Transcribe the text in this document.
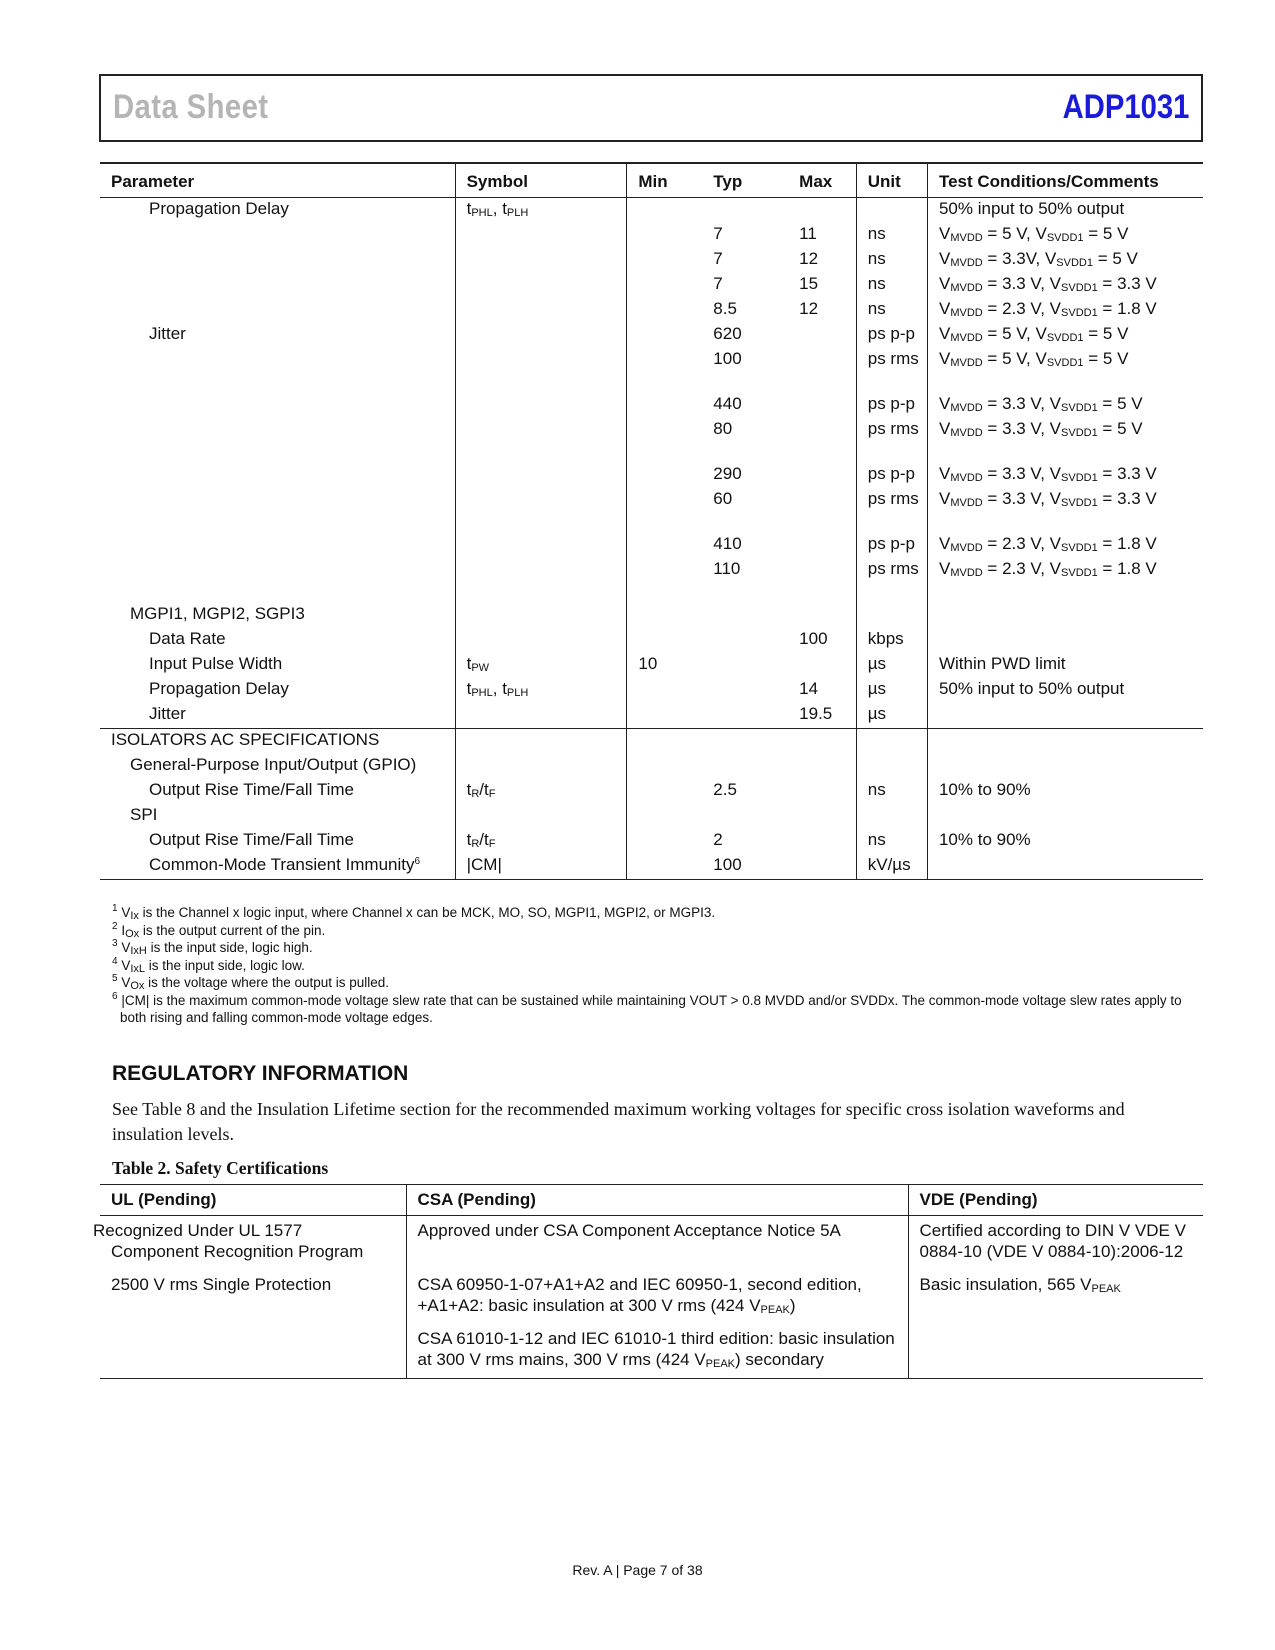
Data Sheet	ADP1031
Parameter	Symbol	Min	Typ	Max	Unit	Test Conditions/Comments
Propagation Delay	$t_{PHL}$, $t_{PLH}$					50% input to 50% output
			7	11	ns	$V_{MVDD} = 5$ V, $V_{SVDD1} = 5$ V
			7	12	ns	$V_{MVDD} = 3.3V$, $V_{SVDD1} = 5$ V
			7	15	ns	$V_{MVDD} = 3.3$ V, $V_{SVDD1} = 3.3$ V
			8.5	12	ns	$V_{MVDD} = 2.3$ V, $V_{SVDD1} = 1.8$ V
Jitter			620		ps p-p	$V_{MVDD} = 5$ V, $V_{SVDD1} = 5$ V
			100		ps rms	$V_{MVDD} = 5$ V, $V_{SVDD1} = 5$ V
			440		ps p-p	$V_{MVDD} = 3.3$ V, $V_{SVDD1} = 5$ V
			80		ps rms	$V_{MVDD} = 3.3$ V, $V_{SVDD1} = 5$ V
			290		ps p-p	$V_{MVDD} = 3.3$ V, $V_{SVDD1} = 3.3$ V
			60		ps rms	$V_{MVDD} = 3.3$ V, $V_{SVDD1} = 3.3$ V
			410		ps p-p	$V_{MVDD} = 2.3$ V, $V_{SVDD1} = 1.8$ V
			110		ps rms	$V_{MVDD} = 2.3$ V, $V_{SVDD1} = 1.8$ V
MGPI1, MGPI2, SGPI3						
Data Rate				100	kbps	
Input Pulse Width	$t_{PW}$	10			µs	Within PWD limit
Propagation Delay	$t_{PHL}$, $t_{PLH}$			14	µs	50% input to 50% output
Jitter				19.5	µs	
ISOLATORS AC SPECIFICATIONS						
General-Purpose Input/Output (GPIO)						
Output Rise Time/Fall Time	$t_R/t_F$		2.5		ns	10% to 90%
SPI						
Output Rise Time/Fall Time	$t_R/t_F$		2		ns	10% to 90%
Common-Mode Transient Immunity$^6$	|CM|		100		kV/µs	

$^1$ $V_{Ix}$ is the Channel x logic input, where Channel x can be MCK, MO, SO, MGPI1, MGPI2, or MGPI3.

$^2$ $I_{Ox}$ is the output current of the pin.

$^3$ $V_{IxH}$ is the input side, logic high.

$^4$ $V_{IxL}$ is the input side, logic low.

$^5$ $V_{Ox}$ is the voltage where the output is pulled.

$^6$ |CM| is the maximum common-mode voltage slew rate that can be sustained while maintaining VOUT > 0.8 MVDD and/or SVDDx. The common-mode voltage slew rates apply to both rising and falling common-mode voltage edges.

REGULATORY INFORMATION
See Table 8 and the Insulation Lifetime section for the recommended maximum working voltages for specific cross isolation waveforms and insulation levels.
Table 2. Safety Certifications
UL (Pending)	CSA (Pending)	VDE (Pending)
Recognized Under UL 1577 Component Recognition Program	Approved under CSA Component Acceptance Notice 5A	Certified according to DIN V VDE V 0884-10 (VDE V 0884-10):2006-12
2500 V rms Single Protection	CSA 60950-1-07+A1+A2 and IEC 60950-1, second edition, +A1+A2: basic insulation at 300 V rms (424 $V_{PEAK}$)	Basic insulation, 565 $V_{PEAK}$
	CSA 61010-1-12 and IEC 61010-1 third edition: basic insulation at 300 V rms mains, 300 V rms (424 $V_{PEAK}$) secondary	
Rev. A | Page 7 of 38
